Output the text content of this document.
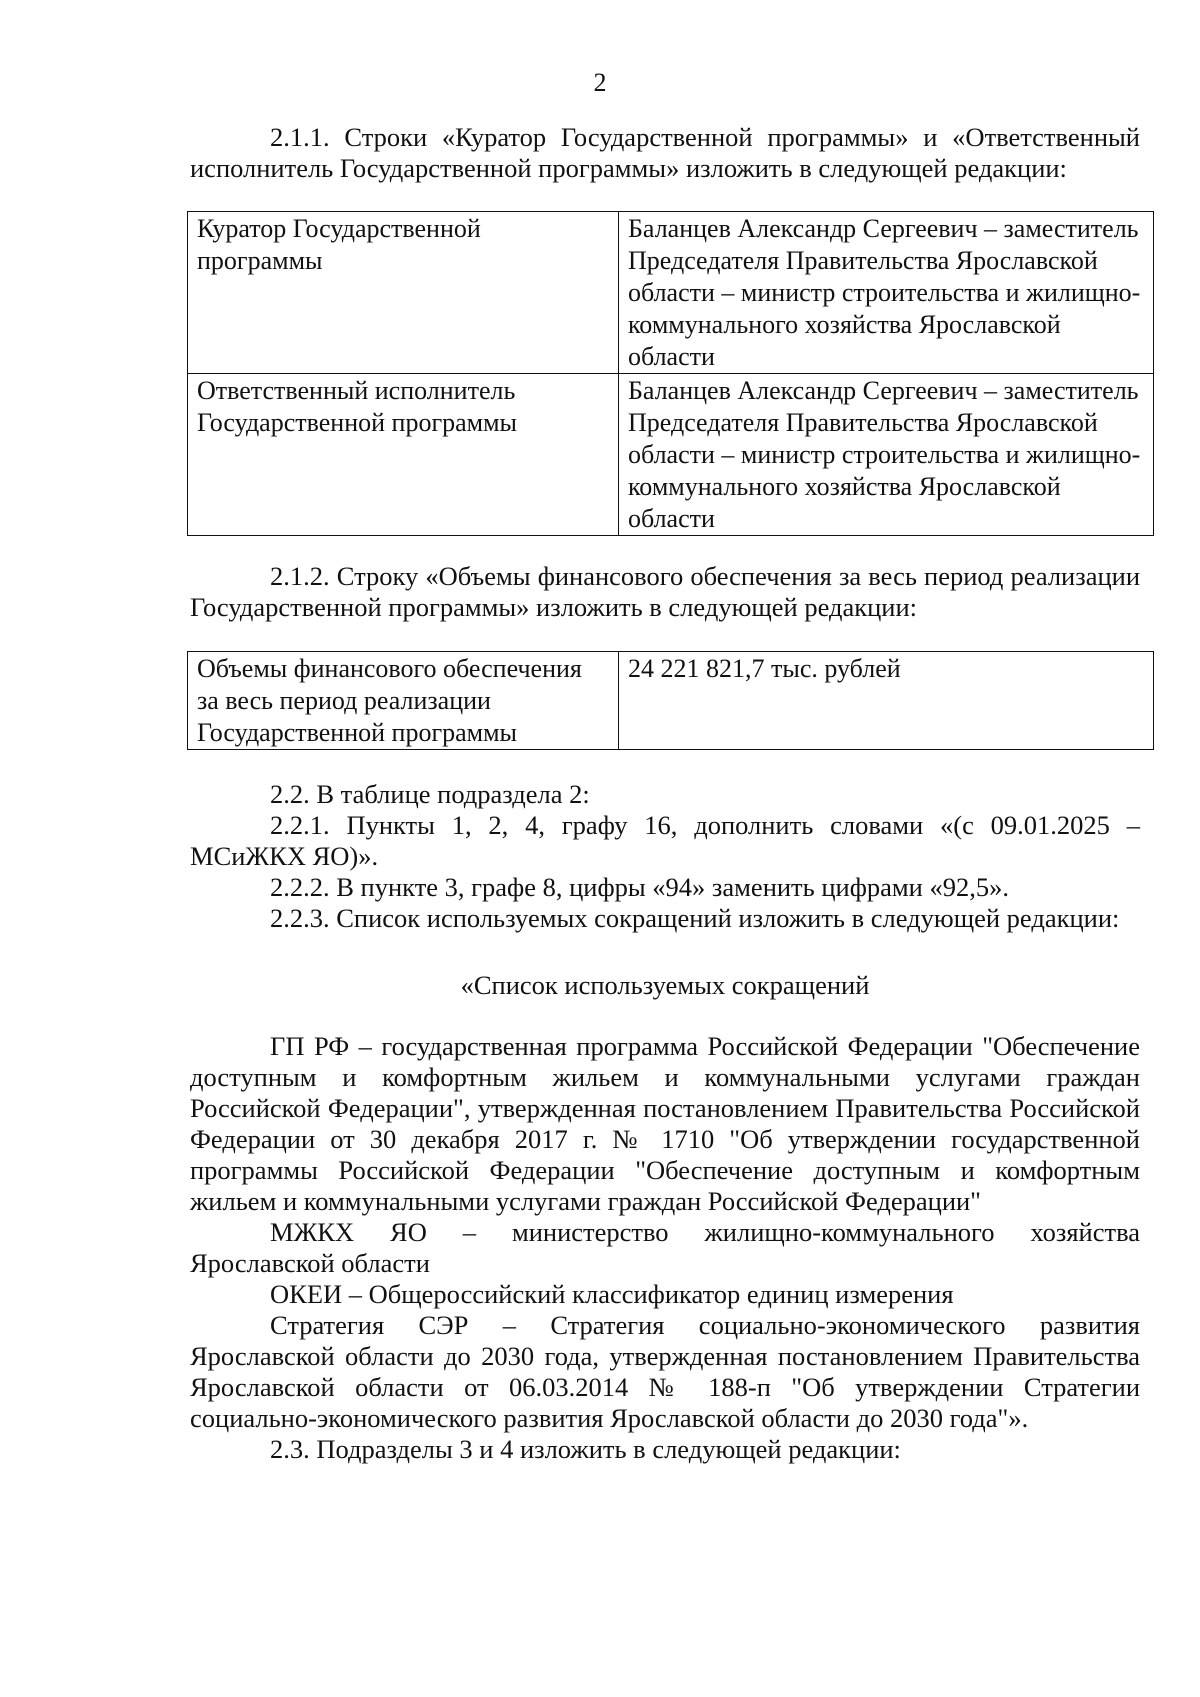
2

2.1.1. Строки «Куратор Государственной программы» и «Ответственный исполнитель Государственной программы» изложить в следующей редакции:

Куратор Государственной программы	Баланцев Александр Сергеевич – заместитель Председателя Правительства Ярославской области – министр строительства и жилищно-коммунального хозяйства Ярославской области
Ответственный исполнитель Государственной программы	Баланцев Александр Сергеевич – заместитель Председателя Правительства Ярославской области – министр строительства и жилищно-коммунального хозяйства Ярославской области

2.1.2. Строку «Объемы финансового обеспечения за весь период реализации Государственной программы» изложить в следующей редакции:

Объемы финансового обеспечения за весь период реализации Государственной программы	24 221 821,7 тыс. рублей

2.2. В таблице подраздела 2:

2.2.1. Пункты 1, 2, 4, графу 16, дополнить словами «(с 09.01.2025 – МСиЖКХ ЯО)».

2.2.2. В пункте 3, графе 8, цифры «94» заменить цифрами «92,5».

2.2.3. Список используемых сокращений изложить в следующей редакции:

«Список используемых сокращений

ГП РФ – государственная программа Российской Федерации "Обеспечение доступным и комфортным жильем и коммунальными услугами граждан Российской Федерации", утвержденная постановлением Правительства Российской Федерации от 30 декабря 2017 г. № 1710 "Об утверждении государственной программы Российской Федерации "Обеспечение доступным и комфортным жильем и коммунальными услугами граждан Российской Федерации"

МЖКХ ЯО – министерство жилищно-коммунального хозяйства Ярославской области

ОКЕИ – Общероссийский классификатор единиц измерения

Стратегия СЭР – Стратегия социально-экономического развития Ярославской области до 2030 года, утвержденная постановлением Правительства Ярославской области от 06.03.2014 № 188-п "Об утверждении Стратегии социально-экономического развития Ярославской области до 2030 года"».

2.3. Подразделы 3 и 4 изложить в следующей редакции:
